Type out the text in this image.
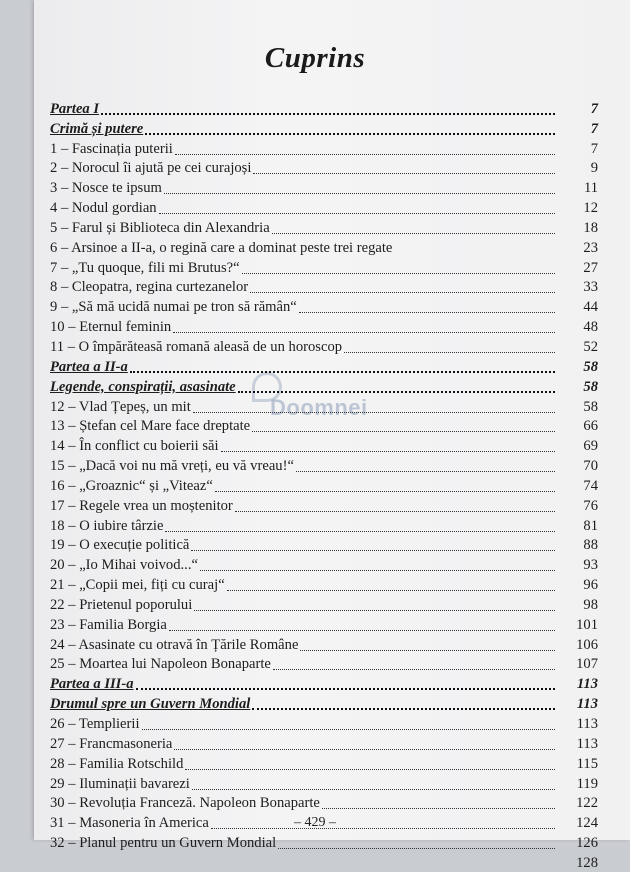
Cuprins
Doomnei
Partea I	7
Crimă și putere	7
1 – Fascinația puterii	7
2 – Norocul îi ajută pe cei curajoși	9
3 – Nosce te ipsum	11
4 – Nodul gordian	12
5 – Farul și Biblioteca din Alexandria	18
6 – Arsinoe a II-a, o regină care a dominat peste trei regate	23
7 – „Tu quoque, fili mi Brutus?“	27
8 – Cleopatra, regina curtezanelor	33
9 – „Să mă ucidă numai pe tron să rămân“	44
10 – Eternul feminin	48
11 – O împărăteasă romană aleasă de un horoscop	52
Partea a II-a	58
Legende, conspirații, asasinate	58
12 – Vlad Țepeș, un mit	58
13 – Ștefan cel Mare face dreptate	66
14 – În conflict cu boierii săi	69
15 – „Dacă voi nu mă vreți, eu vă vreau!“	70
16 – „Groaznic“ și „Viteaz“	74
17 – Regele vrea un moștenitor	76
18 – O iubire târzie	81
19 – O execuție politică	88
20 – „Io Mihai voivod...“	93
21 – „Copii mei, fiți cu curaj“	96
22 – Prietenul poporului	98
23 – Familia Borgia	101
24 – Asasinate cu otravă în Țările Române	106
25 – Moartea lui Napoleon Bonaparte	107
Partea a III-a	113
Drumul spre un Guvern Mondial	113
26 – Templierii	113
27 – Francmasoneria	113
28 – Familia Rotschild	115
29 – Iluminații bavarezi	119
30 – Revoluția Franceză. Napoleon Bonaparte	122
31 – Masoneria în America	124
32 – Planul pentru un Guvern Mondial	126
128
– 429 –
